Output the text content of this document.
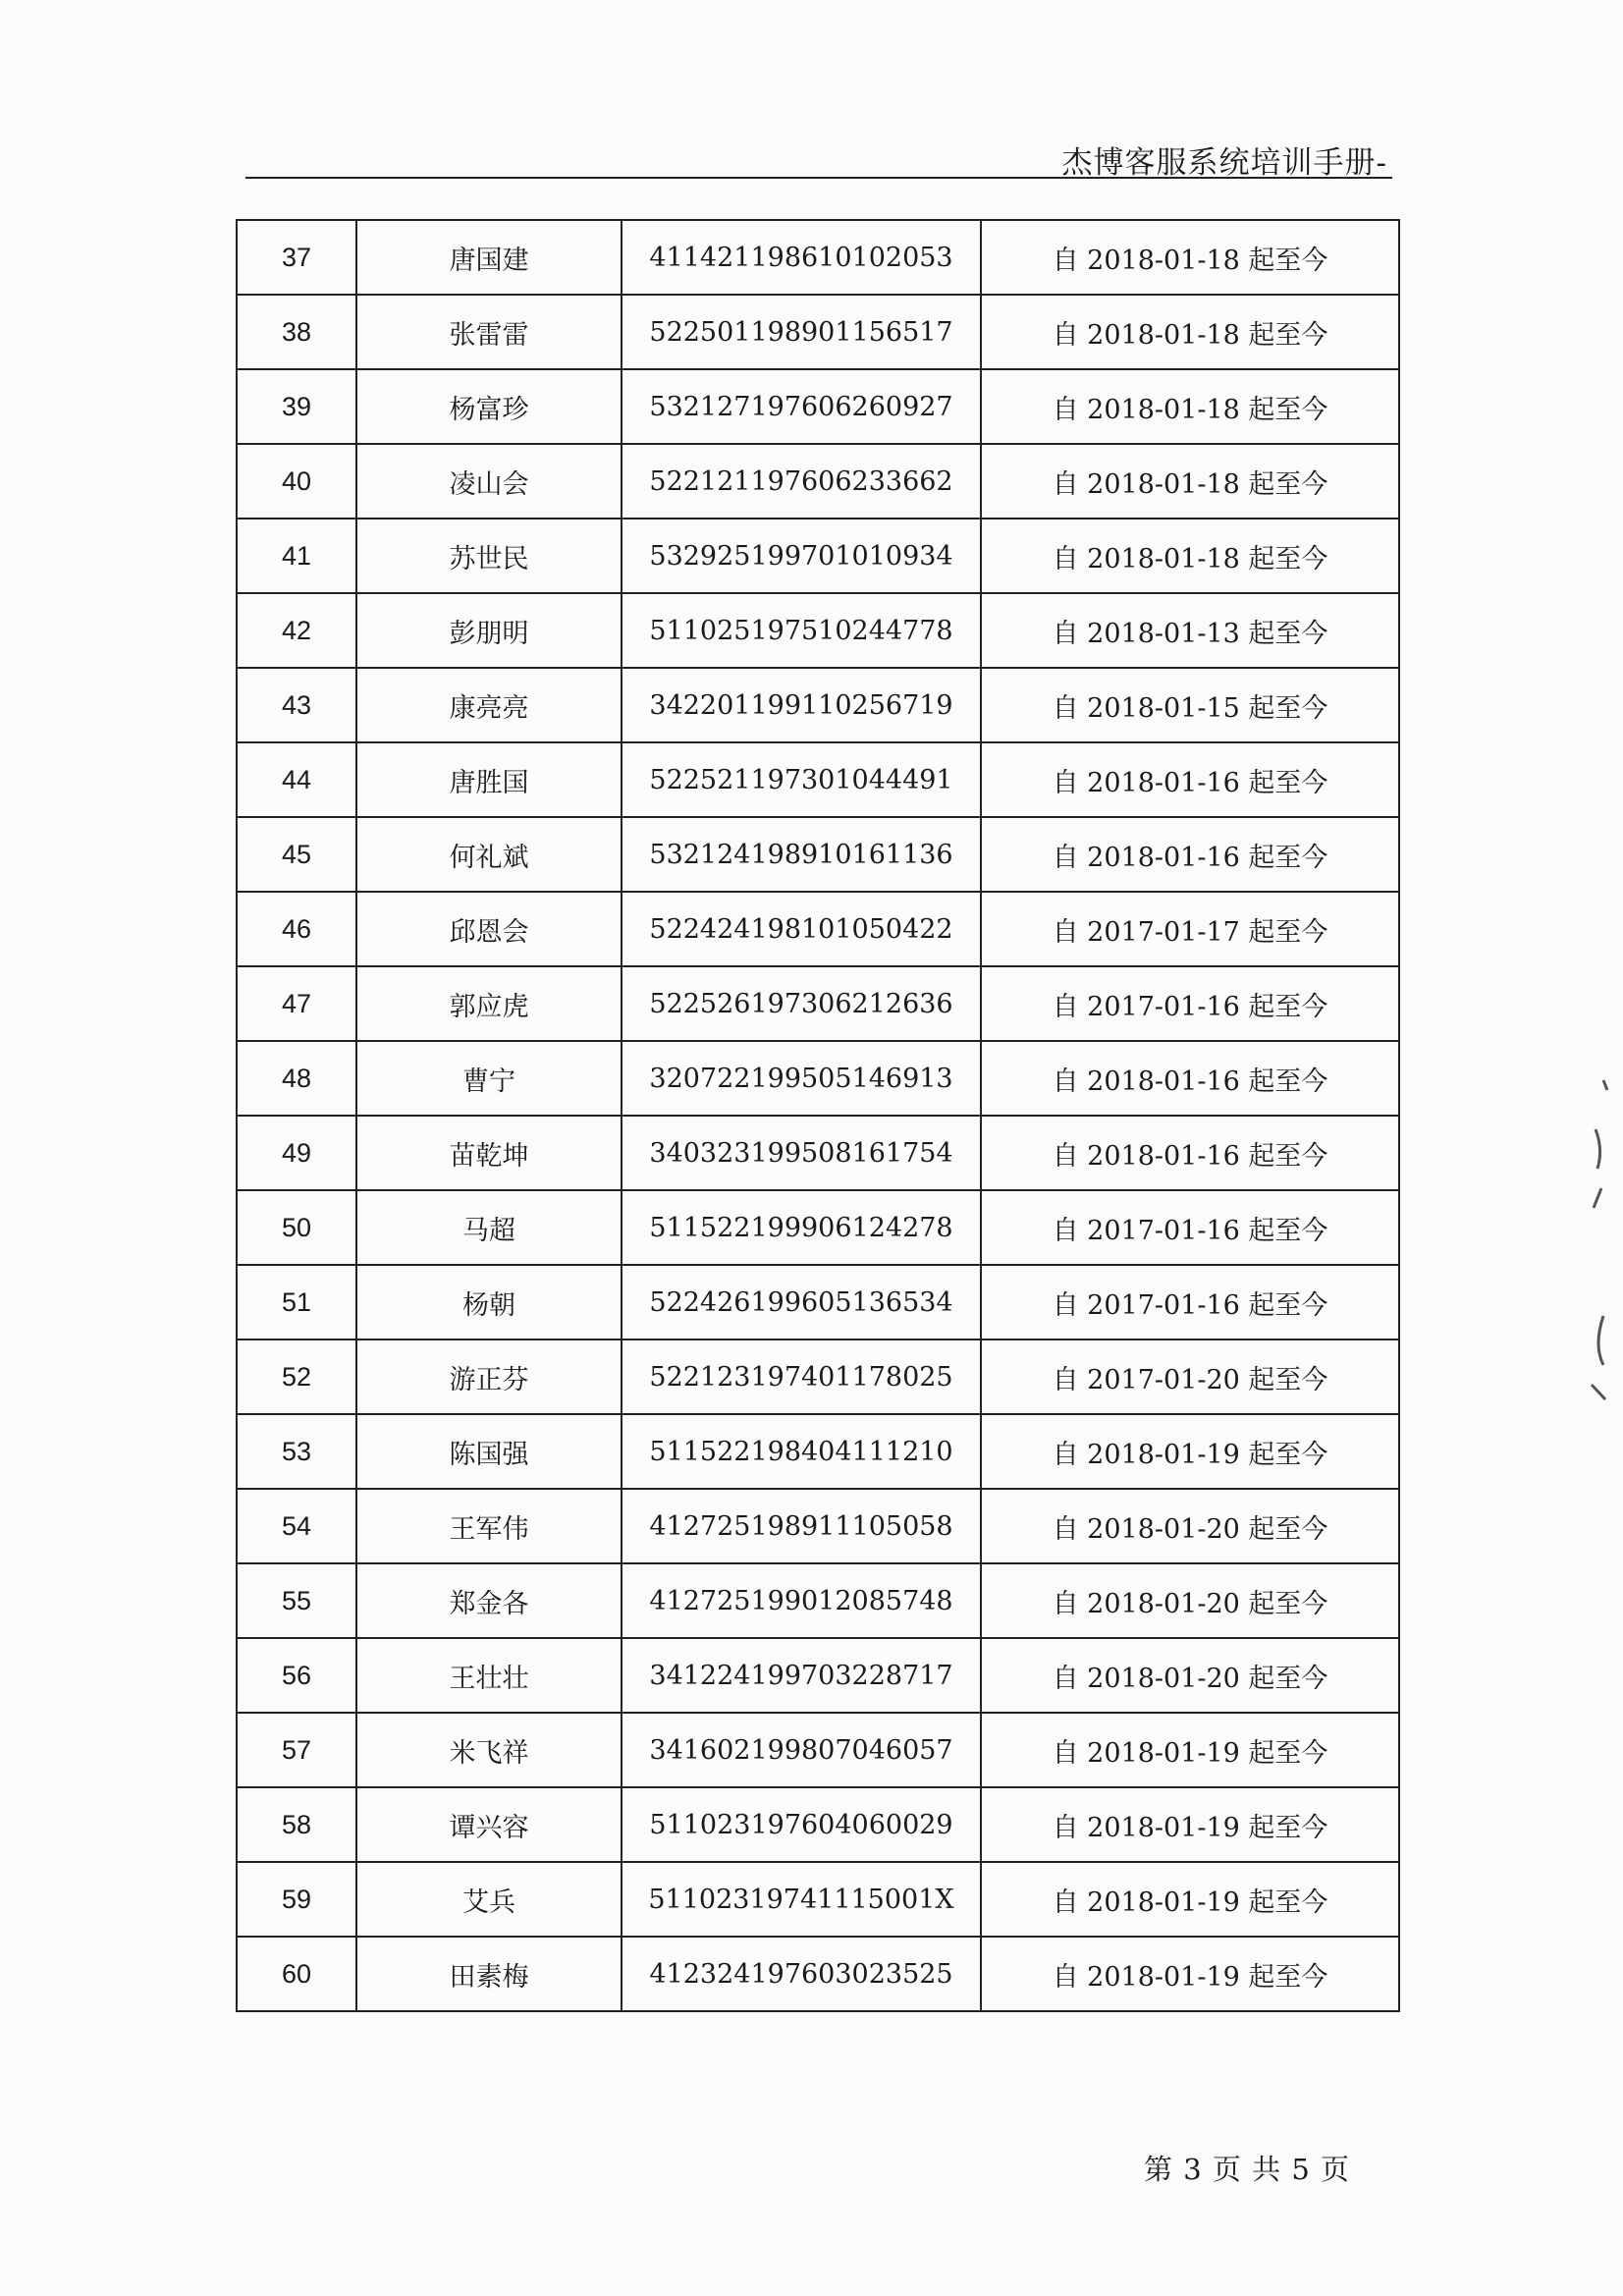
杰博客服系统培训手册-
37	唐国建	411421198610102053	自 2018-01-18 起至今
38	张雷雷	522501198901156517	自 2018-01-18 起至今
39	杨富珍	532127197606260927	自 2018-01-18 起至今
40	凌山会	522121197606233662	自 2018-01-18 起至今
41	苏世民	532925199701010934	自 2018-01-18 起至今
42	彭朋明	511025197510244778	自 2018-01-13 起至今
43	康亮亮	342201199110256719	自 2018-01-15 起至今
44	唐胜国	522521197301044491	自 2018-01-16 起至今
45	何礼斌	532124198910161136	自 2018-01-16 起至今
46	邱恩会	522424198101050422	自 2017-01-17 起至今
47	郭应虎	522526197306212636	自 2017-01-16 起至今
48	曹宁	320722199505146913	自 2018-01-16 起至今
49	苗乾坤	340323199508161754	自 2018-01-16 起至今
50	马超	511522199906124278	自 2017-01-16 起至今
51	杨朝	522426199605136534	自 2017-01-16 起至今
52	游正芬	522123197401178025	自 2017-01-20 起至今
53	陈国强	511522198404111210	自 2018-01-19 起至今
54	王军伟	412725198911105058	自 2018-01-20 起至今
55	郑金各	412725199012085748	自 2018-01-20 起至今
56	王壮壮	341224199703228717	自 2018-01-20 起至今
57	米飞祥	341602199807046057	自 2018-01-19 起至今
58	谭兴容	511023197604060029	自 2018-01-19 起至今
59	艾兵	51102319741115001X	自 2018-01-19 起至今
60	田素梅	412324197603023525	自 2018-01-19 起至今
第 3 页 共 5 页
